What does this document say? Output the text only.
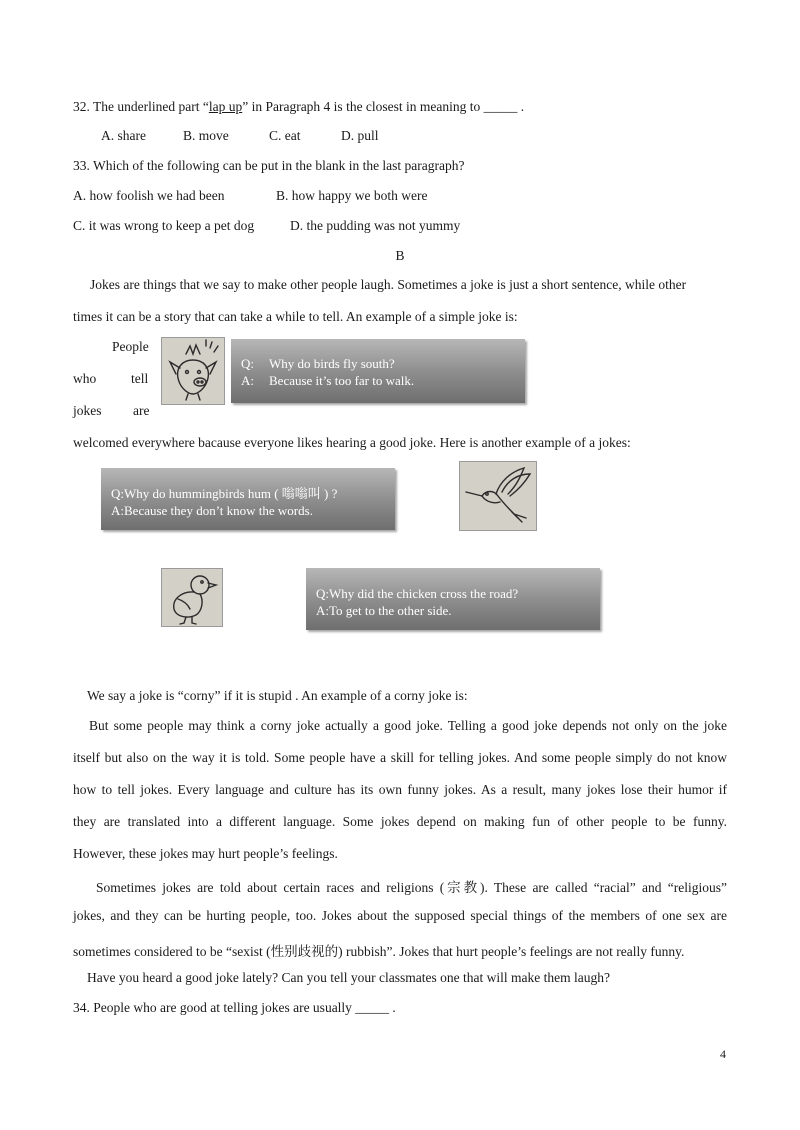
32. The underlined part “lap up” in Paragraph 4 is the closest in meaning to _____ .
A. share	B. move	C. eat	D. pull
33. Which of the following can be put in the blank in the last paragraph?
A. how foolish we had been	B. how happy we both were
C. it was wrong to keep a pet dog	D. the pudding was not yummy
B
Jokes are things that we say to make other people laugh. Sometimes a joke is just a short sentence, while other
times it can be a story that can take a while to tell. An example of a simple joke is:
People
who	tell
jokes are
Q: Why do birds fly south?
A: Because it’s too far to walk.
welcomed everywhere bacause everyone likes hearing a good joke. Here is another example of a jokes:
Q:Why do hummingbirds hum ( 嗡嗡叫 ) ?
A:Because they don’t know the words.
Q:Why did the chicken cross the road?
A:To get to the other side.
We say a joke is “corny” if it is stupid . An example of a corny joke is:
But some people may think a corny joke actually a good joke. Telling a good joke depends not only on the joke
itself but also on the way it is told. Some people have a skill for telling jokes. And some people simply do not know
how to tell jokes. Every language and culture has its own funny jokes. As a result, many jokes lose their humor if
they are translated into a different language. Some jokes depend on making fun of other people to be funny.
However, these jokes may hurt people’s feelings.
Sometimes jokes are told about certain races and religions (宗教). These are called “racial” and “religious”
jokes, and they can be hurting people, too. Jokes about the supposed special things of the members of one sex are
sometimes considered to be “sexist (性别歧视的) rubbish”. Jokes that hurt people’s feelings are not really funny.
Have you heard a good joke lately? Can you tell your classmates one that will make them laugh?
34. People who are good at telling jokes are usually _____ .
4
